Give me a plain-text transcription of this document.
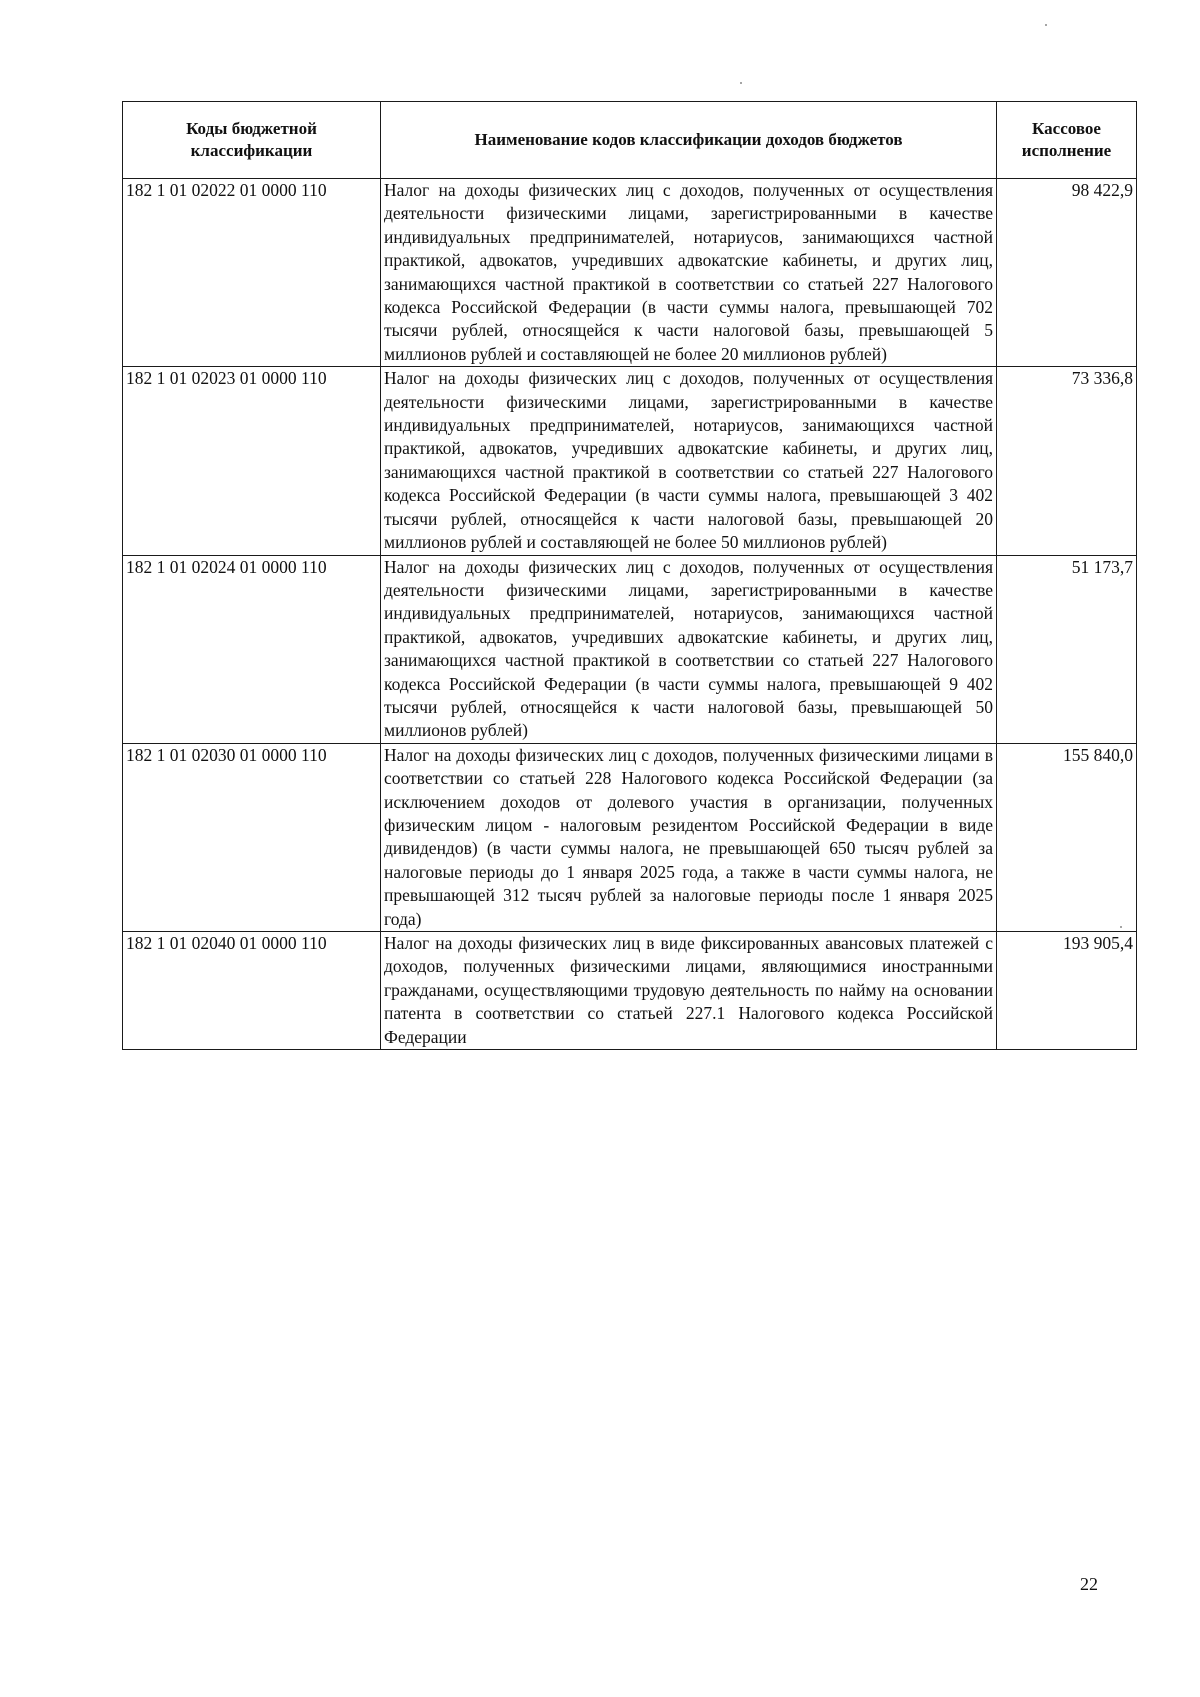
Коды бюджетной классификации	Наименование кодов классификации доходов бюджетов	Кассовое исполнение
182 1 01 02022 01 0000 110	Налог на доходы физических лиц с доходов, полученных от осуществления деятельности физическими лицами, зарегистрированными в качестве индивидуальных предпринимателей, нотариусов, занимающихся частной практикой, адвокатов, учредивших адвокатские кабинеты, и других лиц, занимающихся частной практикой в соответствии со статьей 227 Налогового кодекса Российской Федерации (в части суммы налога, превышающей 702 тысячи рублей, относящейся к части налоговой базы, превышающей 5 миллионов рублей и составляющей не более 20 миллионов рублей)	98 422,9
182 1 01 02023 01 0000 110	Налог на доходы физических лиц с доходов, полученных от осуществления деятельности физическими лицами, зарегистрированными в качестве индивидуальных предпринимателей, нотариусов, занимающихся частной практикой, адвокатов, учредивших адвокатские кабинеты, и других лиц, занимающихся частной практикой в соответствии со статьей 227 Налогового кодекса Российской Федерации (в части суммы налога, превышающей 3 402 тысячи рублей, относящейся к части налоговой базы, превышающей 20 миллионов рублей и составляющей не более 50 миллионов рублей)	73 336,8
182 1 01 02024 01 0000 110	Налог на доходы физических лиц с доходов, полученных от осуществления деятельности физическими лицами, зарегистрированными в качестве индивидуальных предпринимателей, нотариусов, занимающихся частной практикой, адвокатов, учредивших адвокатские кабинеты, и других лиц, занимающихся частной практикой в соответствии со статьей 227 Налогового кодекса Российской Федерации (в части суммы налога, превышающей 9 402 тысячи рублей, относящейся к части налоговой базы, превышающей 50 миллионов рублей)	51 173,7
182 1 01 02030 01 0000 110	Налог на доходы физических лиц с доходов, полученных физическими лицами в соответствии со статьей 228 Налогового кодекса Российской Федерации (за исключением доходов от долевого участия в организации, полученных физическим лицом - налоговым резидентом Российской Федерации в виде дивидендов) (в части суммы налога, не превышающей 650 тысяч рублей за налоговые периоды до 1 января 2025 года, а также в части суммы налога, не превышающей 312 тысяч рублей за налоговые периоды после 1 января 2025 года)	155 840,0
182 1 01 02040 01 0000 110	Налог на доходы физических лиц в виде фиксированных авансовых платежей с доходов, полученных физическими лицами, являющимися иностранными гражданами, осуществляющими трудовую деятельность по найму на основании патента в соответствии со статьей 227.1 Налогового кодекса Российской Федерации	193 905,4
22
